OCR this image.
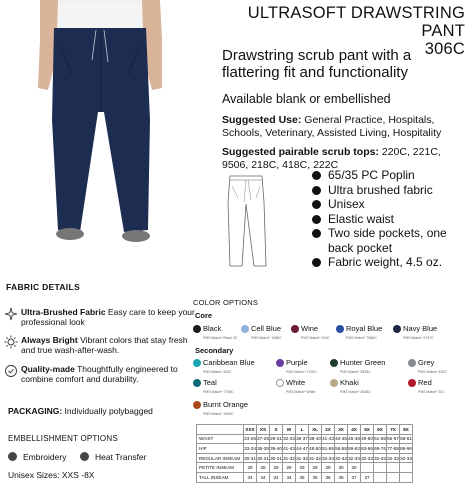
ULTRASOFT DRAWSTRING PANT
306C
Drawstring scrub pant with a flattering fit and functionality
Available blank or embellished
Suggested Use: General Practice, Hospitals, Schools, Veterinary, Assisted Living, Hospitality
Suggested pairable scrub tops: 220C, 221C, 9506, 218C, 418C, 222C
65/35 PC Poplin
Ultra brushed fabric
Unisex
Elastic waist
Two side pockets, one back pocket
Fabric weight, 4.5 oz.
FABRIC DETAILS
Ultra-Brushed Fabric Easy care to keep your professional look
Always Bright Vibrant colors that stay fresh and true wash-after-wash.
Quality-made Thoughtfully engineered to combine comfort and durability.
PACKAGING: Individually polybagged
EMBELLISHMENT OPTIONS
Embroidery	Heat Transfer
Unisex Sizes: XXS -8X
COLOR OPTIONS
Core
Black
PMS Match* Black 3C
Cell Blue
PMS Match* 7688C
Wine
PMS Match* 209C
Royal Blue
PMS Match* 7686C
Navy Blue
PMS Match* 2767C
Secondary
Caribbean Blue
PMS Match* 320C
Purple
PMS Match* 2725C
Hunter Green
PMS Match* 5535C
Grey
PMS Match* 430C
Teal
PMS Match* 7708C
White
PMS Match* White
Khaki
PMS Match* 4535U
Red
PMS Match* 201
Burnt Orange
PMS Match* 1605C
	XXS	XS	S	M	L	XL	2X	3X	4X	5X	6X	7X	8X
WAIST	23-26	27-28	29-31	32-34	35-37	38-40	41-43	44-45	46-48	49-50	51-55	56-57	58-61
HIP	33-34	35-38	39-40	41-43	44-47	48-50	51-55	56-58	59-62	63-66	69-76	77-88	89-96
REGULAR INSEAM	30-31	30-31	30-31	31-32	31-32	31-32	32-33	32-33	32-33	32-33	32-33	32-33	32-33
PETITE INSEAM	28	28	29	29	29	29	29	30	30				
TALL INSEAM	34	34	34	34	35	35	36	36	37	37			
